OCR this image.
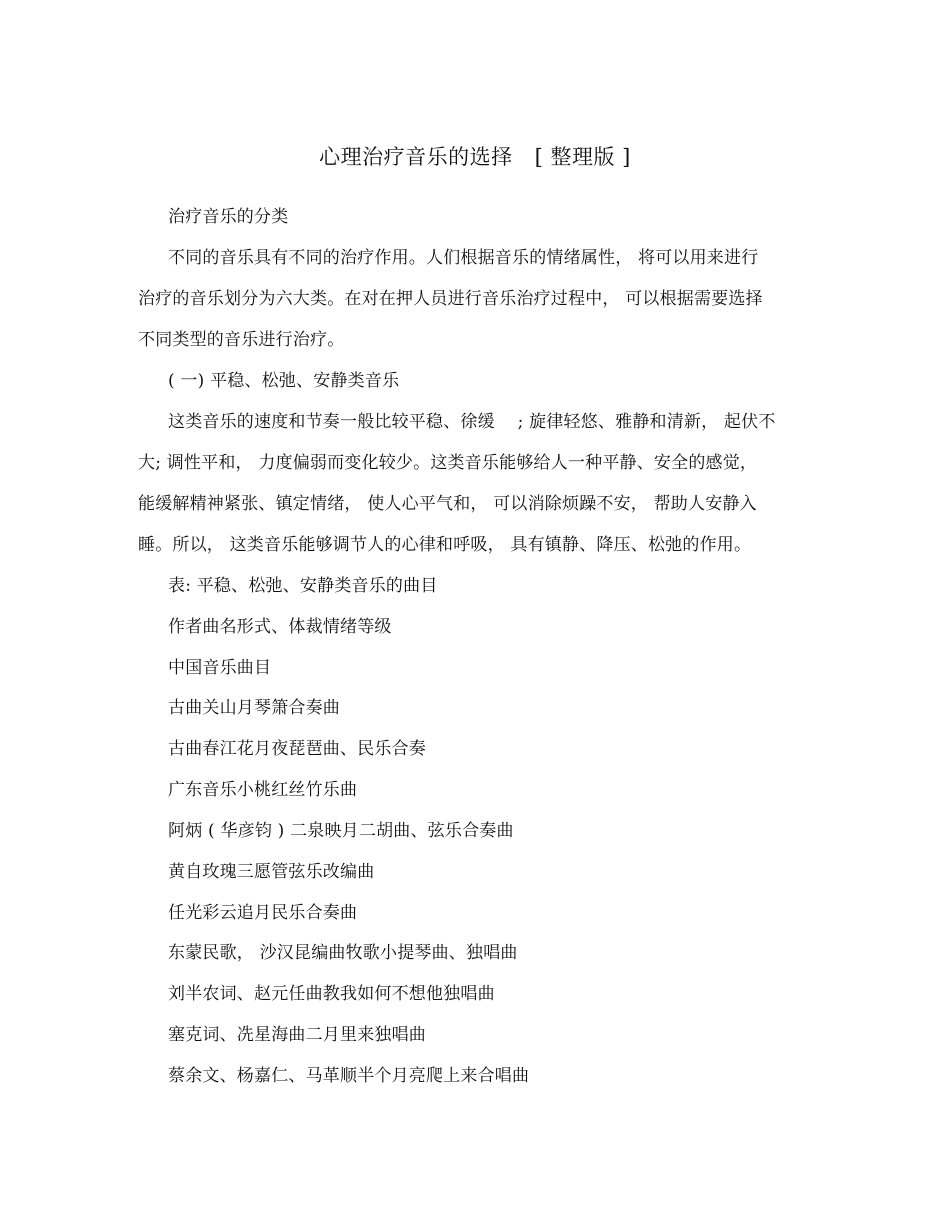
心理治疗音乐的选择 [ 整理版 ]
治疗音乐的分类
不同的音乐具有不同的治疗作用。人们根据音乐的情绪属性， 将可以用来进行
治疗的音乐划分为六大类。在对在押人员进行音乐治疗过程中， 可以根据需要选择
不同类型的音乐进行治疗。
( 一) 平稳、松弛、安静类音乐
这类音乐的速度和节奏一般比较平稳、徐缓　 ; 旋律轻悠、雅静和清新， 起伏不
大; 调性平和， 力度偏弱而变化较少。这类音乐能够给人一种平静、安全的感觉，
能缓解精神紧张、镇定情绪， 使人心平气和， 可以消除烦躁不安， 帮助人安静入
睡。所以， 这类音乐能够调节人的心律和呼吸， 具有镇静、降压、松弛的作用。
表: 平稳、松弛、安静类音乐的曲目
作者曲名形式、体裁情绪等级
中国音乐曲目
古曲关山月琴箫合奏曲
古曲春江花月夜琵琶曲、民乐合奏
广东音乐小桃红丝竹乐曲
阿炳 ( 华彦钧 ) 二泉映月二胡曲、弦乐合奏曲
黄自玫瑰三愿管弦乐改编曲
任光彩云追月民乐合奏曲
东蒙民歌， 沙汉昆编曲牧歌小提琴曲、独唱曲
刘半农词、赵元任曲教我如何不想他独唱曲
塞克词、冼星海曲二月里来独唱曲
蔡余文、杨嘉仁、马革顺半个月亮爬上来合唱曲
